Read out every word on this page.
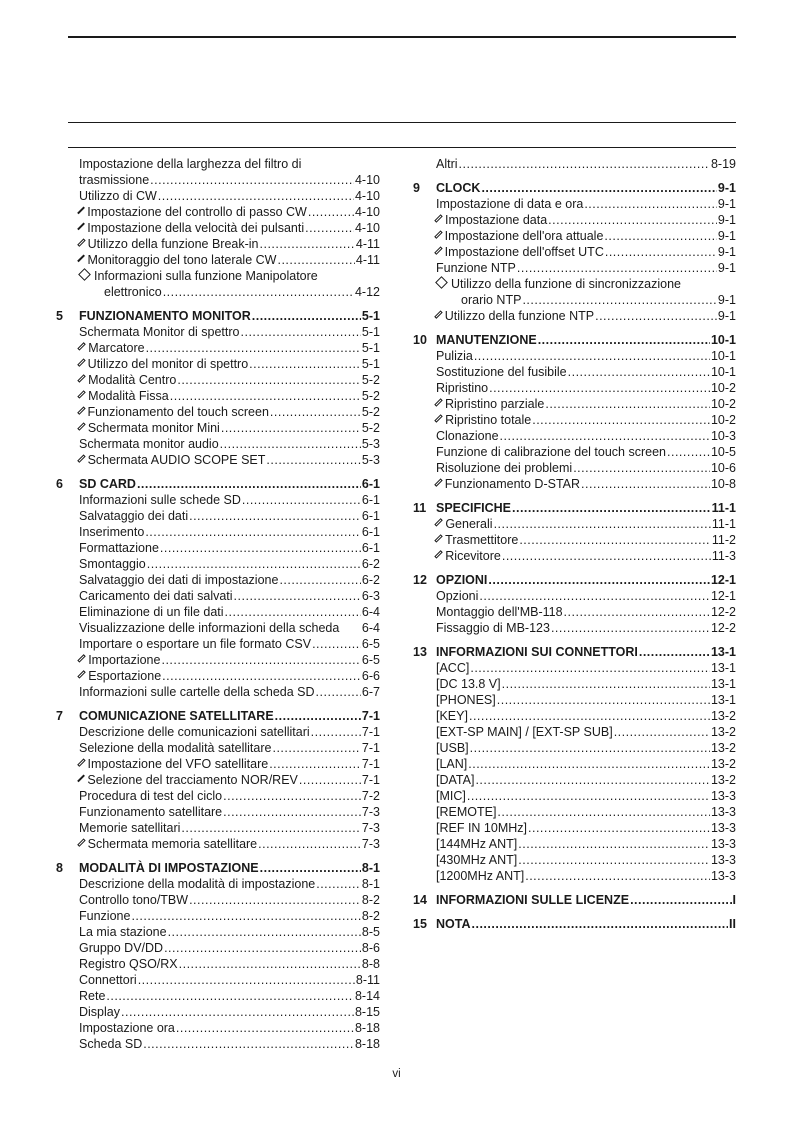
Impostazione della larghezza del filtro di
trasmissione .....	4-10
Utilizzo di CW .....	4-10
Impostazione del controllo di passo CW .....	4-10
Impostazione della velocità dei pulsanti .....	4-10
Utilizzo della funzione Break-in .....	4-11
Monitoraggio del tono laterale CW .....	4-11
Informazioni sulla funzione Manipolatore
elettronico .....	4-12
5 FUNZIONAMENTO MONITOR .....	5-1
Schermata Monitor di spettro .....	5-1
Marcatore .....	5-1
Utilizzo del monitor di spettro .....	5-1
Modalità Centro .....	5-2
Modalità Fissa .....	5-2
Funzionamento del touch screen .....	5-2
Schermata monitor Mini .....	5-2
Schermata monitor audio .....	5-3
Schermata AUDIO SCOPE SET .....	5-3
6 SD CARD .....	6-1
Informazioni sulle schede SD .....	6-1
Salvataggio dei dati .....	6-1
Inserimento .....	6-1
Formattazione .....	6-1
Smontaggio .....	6-2
Salvataggio dei dati di impostazione .....	6-2
Caricamento dei dati salvati .....	6-3
Eliminazione di un file dati .....	6-4
Visualizzazione delle informazioni della scheda 6-4
Importare o esportare un file formato CSV .....	6-5
Importazione .....	6-5
Esportazione .....	6-6
Informazioni sulle cartelle della scheda SD .....	6-7
7 COMUNICAZIONE SATELLITARE .....	7-1
Descrizione delle comunicazioni satellitari .....	7-1
Selezione della modalità satellitare .....	7-1
Impostazione del VFO satellitare .....	7-1
Selezione del tracciamento NOR/REV .....	7-1
Procedura di test del ciclo .....	7-2
Funzionamento satellitare .....	7-3
Memorie satellitari .....	7-3
Schermata memoria satellitare .....	7-3
8 MODALITÀ DI IMPOSTAZIONE .....	8-1
Descrizione della modalità di impostazione .....	8-1
Controllo tono/TBW .....	8-2
Funzione .....	8-2
La mia stazione .....	8-5
Gruppo DV/DD .....	8-6
Registro QSO/RX .....	8-8
Connettori .....	8-11
Rete .....	8-14
Display .....	8-15
Impostazione ora .....	8-18
Scheda SD .....	8-18
Altri .....	8-19
9 CLOCK .....	9-1
Impostazione di data e ora .....	9-1
Impostazione data .....	9-1
Impostazione dell'ora attuale .....	9-1
Impostazione dell'offset UTC .....	9-1
Funzione NTP .....	9-1
Utilizzo della funzione di sincronizzazione
orario NTP .....	9-1
Utilizzo della funzione NTP .....	9-1
10 MANUTENZIONE .....	10-1
Pulizia .....	10-1
Sostituzione del fusibile .....	10-1
Ripristino .....	10-2
Ripristino parziale .....	10-2
Ripristino totale .....	10-2
Clonazione .....	10-3
Funzione di calibrazione del touch screen .....	10-5
Risoluzione dei problemi .....	10-6
Funzionamento D-STAR .....	10-8
11 SPECIFICHE .....	11-1
Generali .....	11-1
Trasmettitore .....	11-2
Ricevitore .....	11-3
12 OPZIONI .....	12-1
Opzioni .....	12-1
Montaggio dell'MB-118 .....	12-2
Fissaggio di MB-123 .....	12-2
13 INFORMAZIONI SUI CONNETTORI .....	13-1
[ACC] .....	13-1
[DC 13.8 V] .....	13-1
[PHONES] .....	13-1
[KEY] .....	13-2
[EXT-SP MAIN] / [EXT-SP SUB] .....	13-2
[USB] .....	13-2
[LAN] .....	13-2
[DATA] .....	13-2
[MIC] .....	13-3
[REMOTE] .....	13-3
[REF IN 10MHz] .....	13-3
[144MHz ANT] .....	13-3
[430MHz ANT] .....	13-3
[1200MHz ANT] .....	13-3
14 INFORMAZIONI SULLE LICENZE .....	I
15 NOTA .....	II
vi
